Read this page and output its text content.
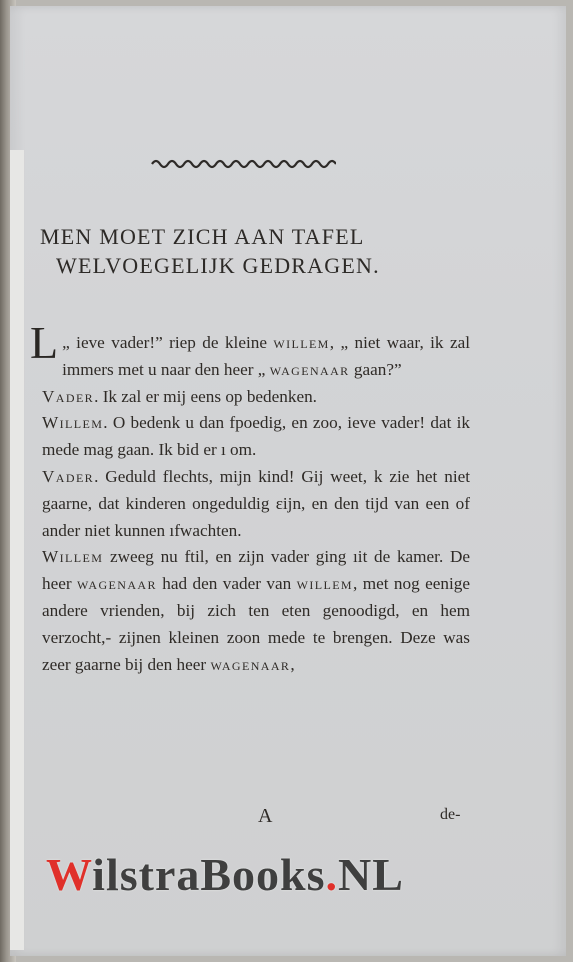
MEN MOET ZICH AAN TAFEL
WELVOEGELIJK GEDRAGEN.

L „ ieve vader!” riep de kleine willem, „ niet waar, ik zal immers met u naar den heer „ wagenaar gaan?”

Vader. Ik zal er mij eens op bedenken.

Willem. O bedenk u dan fpoedig, en zoo, ieve vader! dat ik mede mag gaan. Ik bid er ı om.

Vader. Geduld flechts, mijn kind! Gij weet, k zie het niet gaarne, dat kinderen ongeduldig ɛijn, en den tijd van een of ander niet kunnen ıfwachten.

Willem zweeg nu ftil, en zijn vader ging ıit de kamer. De heer wagenaar had den vader van willem, met nog eenige andere vrienden, bij zich ten eten genoodigd, en hem verzocht,- zijnen kleinen zoon mede te brengen. Deze was zeer gaarne bij den heer wagenaar,

A	de-
WilstraBooks.NL
